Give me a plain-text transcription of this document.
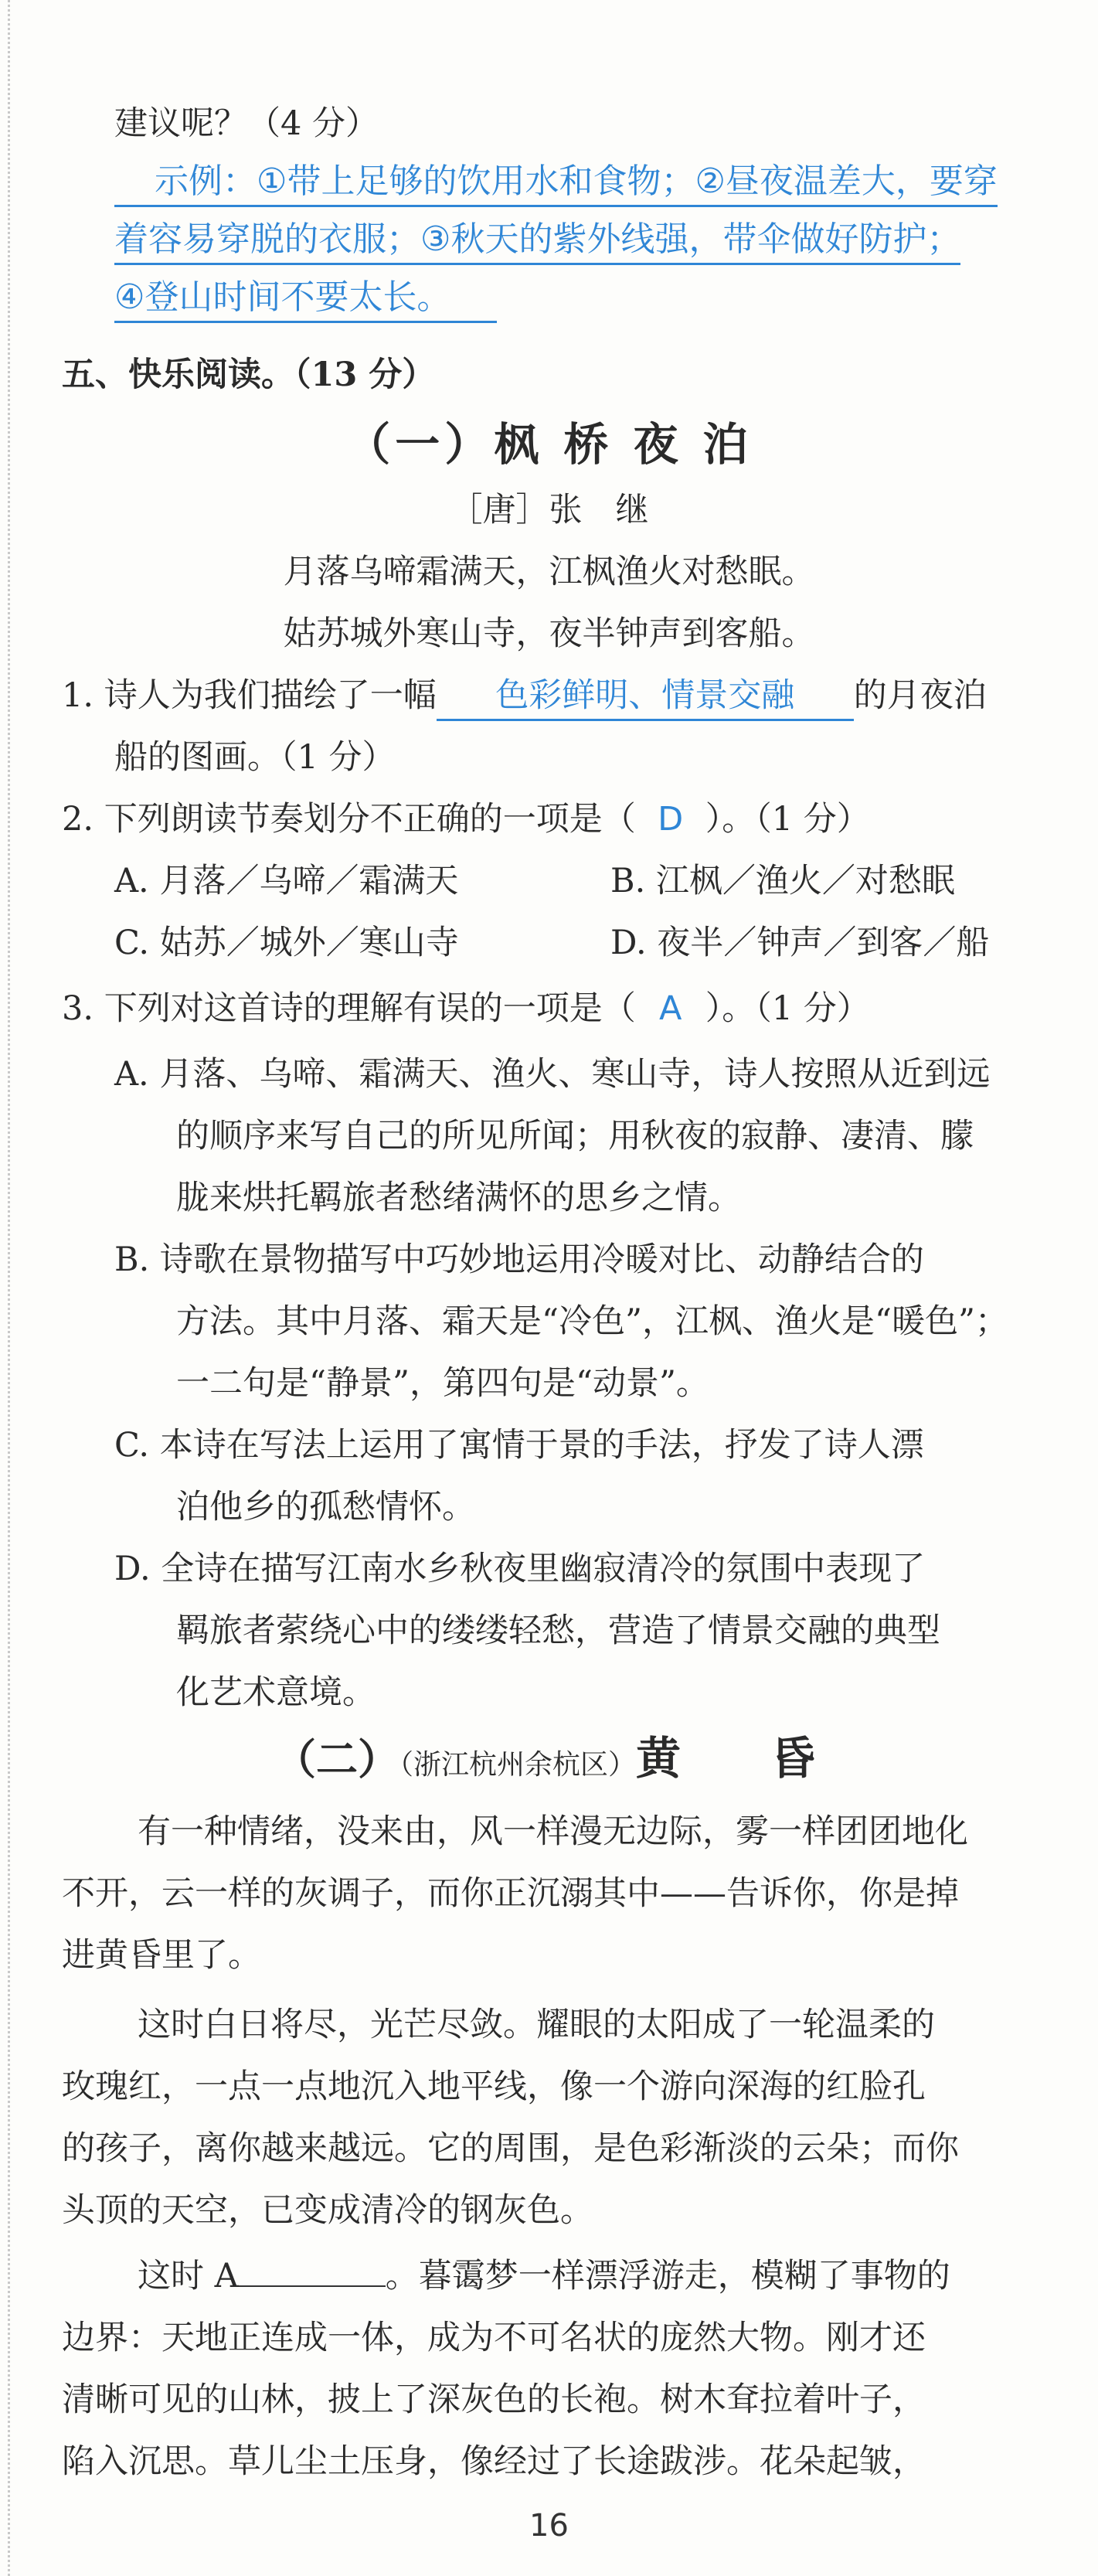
建议呢？（4 分）
示例：①带上足够的饮用水和食物；②昼夜温差大，要穿
着容易穿脱的衣服；③秋天的紫外线强，带伞做好防护；
④登山时间不要太长。
五、快乐阅读。（13 分）
（一）枫 桥 夜 泊
［唐］张　继
月落乌啼霜满天，江枫渔火对愁眠。
姑苏城外寒山寺，夜半钟声到客船。
1. 诗人为我们描绘了一幅 色彩鲜明、情景交融 的月夜泊
船的图画。（1 分）
2. 下列朗读节奏划分不正确的一项是（ D ）。（1 分）
A. 月落／乌啼／霜满天	B. 江枫／渔火／对愁眠
C. 姑苏／城外／寒山寺	D. 夜半／钟声／到客／船
3. 下列对这首诗的理解有误的一项是（ A ）。（1 分）
A. 月落、乌啼、霜满天、渔火、寒山寺，诗人按照从近到远
的顺序来写自己的所见所闻；用秋夜的寂静、凄清、朦
胧来烘托羁旅者愁绪满怀的思乡之情。
B. 诗歌在景物描写中巧妙地运用冷暖对比、动静结合的
方法。其中月落、霜天是“冷色”，江枫、渔火是“暖色”；
一二句是“静景”，第四句是“动景”。
C. 本诗在写法上运用了寓情于景的手法，抒发了诗人漂
泊他乡的孤愁情怀。
D. 全诗在描写江南水乡秋夜里幽寂清冷的氛围中表现了
羁旅者萦绕心中的缕缕轻愁，营造了情景交融的典型
化艺术意境。
（二）（浙江杭州余杭区）黄　　昏
有一种情绪，没来由，风一样漫无边际，雾一样团团地化
不开，云一样的灰调子，而你正沉溺其中——告诉你，你是掉
进黄昏里了。
这时白日将尽，光芒尽敛。耀眼的太阳成了一轮温柔的
玫瑰红，一点一点地沉入地平线，像一个游向深海的红脸孔
的孩子，离你越来越远。它的周围，是色彩渐淡的云朵；而你
头顶的天空，已变成清冷的钢灰色。
这时 A	。暮霭梦一样漂浮游走，模糊了事物的
边界：天地正连成一体，成为不可名状的庞然大物。刚才还
清晰可见的山林，披上了深灰色的长袍。树木耷拉着叶子，
陷入沉思。草儿尘土压身，像经过了长途跋涉。花朵起皱，
16
